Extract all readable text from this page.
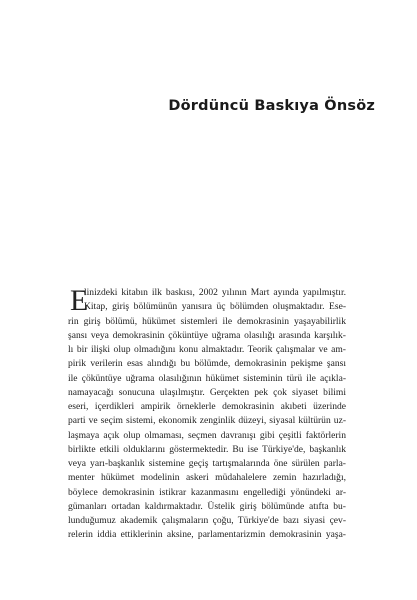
Dördüncü Baskıya Önsöz
E
linizdeki kitabın ilk baskısı, 2002 yılının Mart ayında yapılmıştır.
Kitap, giriş bölümünün yanısıra üç bölümden oluşmaktadır. Ese-
rin giriş bölümü, hükümet sistemleri ile demokrasinin yaşayabilirlik
şansı veya demokrasinin çöküntüye uğrama olasılığı arasında karşılık-
lı bir ilişki olup olmadığını konu almaktadır. Teorik çalışmalar ve am-
pirik verilerin esas alındığı bu bölümde, demokrasinin pekişme şansı
ile çöküntüye uğrama olasılığının hükümet sisteminin türü ile açıkla-
namayacağı sonucuna ulaşılmıştır. Gerçekten pek çok siyaset bilimi
eseri, içerdikleri ampirik örneklerle demokrasinin akıbeti üzerinde
parti ve seçim sistemi, ekonomik zenginlik düzeyi, siyasal kültürün uz-
laşmaya açık olup olmaması, seçmen davranışı gibi çeşitli faktörlerin
birlikte etkili olduklarını göstermektedir. Bu ise Türkiye'de, başkanlık
veya yarı-başkanlık sistemine geçiş tartışmalarında öne sürülen parla-
menter hükümet modelinin askeri müdahalelere zemin hazırladığı,
böylece demokrasinin istikrar kazanmasını engellediği yönündeki ar-
gümanları ortadan kaldırmaktadır. Üstelik giriş bölümünde atıfta bu-
lunduğumuz akademik çalışmaların çoğu, Türkiye'de bazı siyasi çev-
relerin iddia ettiklerinin aksine, parlamentarizmin demokrasinin yaşa-
